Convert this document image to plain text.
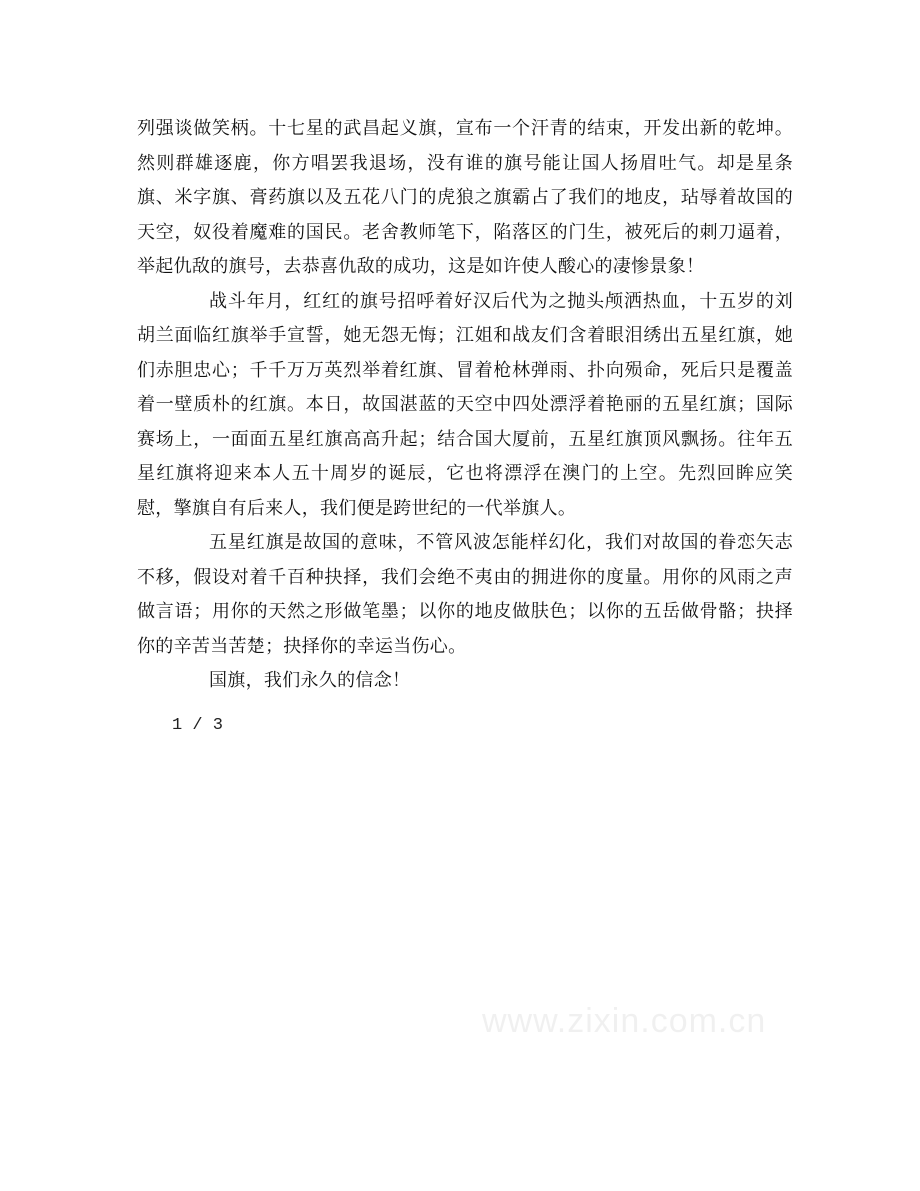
列强谈做笑柄。十七星的武昌起义旗，宣布一个汗青的结束，开发出新的乾坤。然则群雄逐鹿，你方唱罢我退场，没有谁的旗号能让国人扬眉吐气。却是星条旗、米字旗、膏药旗以及五花八门的虎狼之旗霸占了我们的地皮，玷辱着故国的天空，奴役着魔难的国民。老舍教师笔下，陷落区的门生，被死后的刺刀逼着，举起仇敌的旗号，去恭喜仇敌的成功，这是如许使人酸心的凄惨景象！

战斗年月，红红的旗号招呼着好汉后代为之抛头颅洒热血，十五岁的刘胡兰面临红旗举手宣誓，她无怨无悔；江姐和战友们含着眼泪绣出五星红旗，她们赤胆忠心；千千万万英烈举着红旗、冒着枪林弹雨、扑向殒命，死后只是覆盖着一壁质朴的红旗。本日，故国湛蓝的天空中四处漂浮着艳丽的五星红旗；国际赛场上，一面面五星红旗高高升起；结合国大厦前，五星红旗顶风飘扬。往年五星红旗将迎来本人五十周岁的诞辰，它也将漂浮在澳门的上空。先烈回眸应笑慰，擎旗自有后来人，我们便是跨世纪的一代举旗人。

五星红旗是故国的意味，不管风波怎能样幻化，我们对故国的眷恋矢志不移，假设对着千百种抉择，我们会绝不夷由的拥进你的度量。用你的风雨之声做言语；用你的天然之形做笔墨；以你的地皮做肤色；以你的五岳做骨骼；抉择你的辛苦当苦楚；抉择你的幸运当伤心。

国旗，我们永久的信念！

1 / 3
www.zixin.com.cn
